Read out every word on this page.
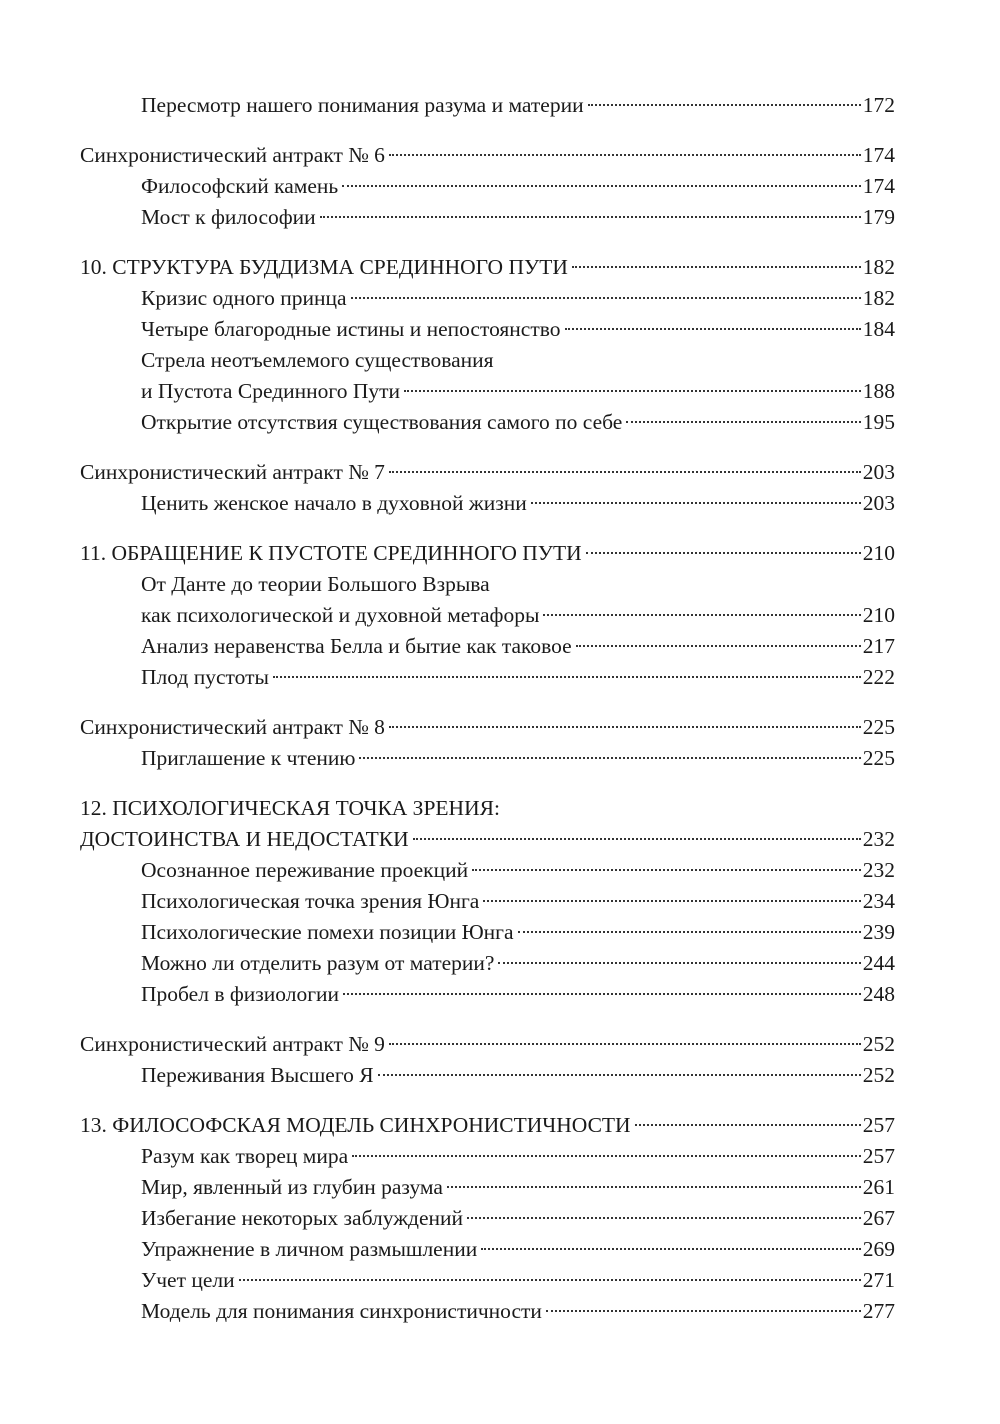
Пересмотр нашего понимания разума и материи	172
Синхронистический антракт № 6	174
Философский камень	174
Мост к философии	179
10. СТРУКТУРА БУДДИЗМА СРЕДИННОГО ПУТИ	182
Кризис одного принца	182
Четыре благородные истины и непостоянство	184
Стрела неотъемлемого существования
и Пустота Срединного Пути	188
Открытие отсутствия существования самого по себе	195
Синхронистический антракт № 7	203
Ценить женское начало в духовной жизни	203
11. ОБРАЩЕНИЕ К ПУСТОТЕ СРЕДИННОГО ПУТИ	210
От Данте до теории Большого Взрыва
как психологической и духовной метафоры	210
Анализ неравенства Белла и бытие как таковое	217
Плод пустоты	222
Синхронистический антракт № 8	225
Приглашение к чтению	225
12. ПСИХОЛОГИЧЕСКАЯ ТОЧКА ЗРЕНИЯ:
ДОСТОИНСТВА И НЕДОСТАТКИ	232
Осознанное переживание проекций	232
Психологическая точка зрения Юнга	234
Психологические помехи позиции Юнга	239
Можно ли отделить разум от материи?	244
Пробел в физиологии	248
Синхронистический антракт № 9	252
Переживания Высшего Я	252
13. ФИЛОСОФСКАЯ МОДЕЛЬ СИНХРОНИСТИЧНОСТИ	257
Разум как творец мира	257
Мир, явленный из глубин разума	261
Избегание некоторых заблуждений	267
Упражнение в личном размышлении	269
Учет цели	271
Модель для понимания синхронистичности	277
